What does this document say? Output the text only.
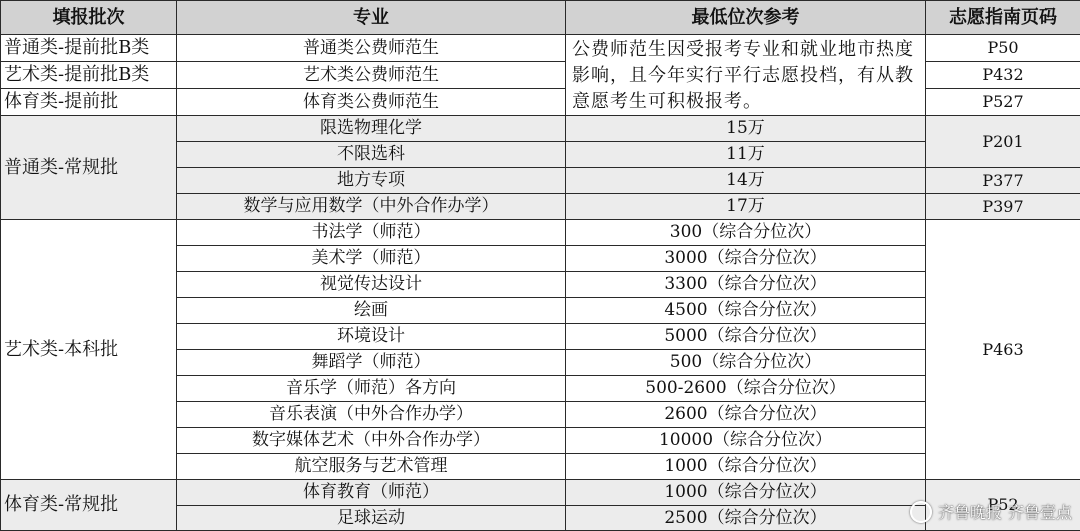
填报批次	专业	最低位次参考	志愿指南页码
普通类-提前批B类	普通类公费师范生	公费师范生因受报考专业和就业地市热度影响，且今年实行平行志愿投档，有从教意愿考生可积极报考。	P50
艺术类-提前批B类	艺术类公费师范生		P432
体育类-提前批	体育类公费师范生		P527
普通类-常规批	限选物理化学	15万	P201
	不限选科	11万	
	地方专项	14万	P377
	数学与应用数学（中外合作办学）	17万	P397
艺术类-本科批	书法学（师范）	300（综合分位次）	P463
	美术学（师范）	3000（综合分位次）	
	视觉传达设计	3300（综合分位次）	
	绘画	4500（综合分位次）	
	环境设计	5000（综合分位次）	
	舞蹈学（师范）	500（综合分位次）	
	音乐学（师范）各方向	500-2600（综合分位次）	
	音乐表演（中外合作办学）	2600（综合分位次）	
	数字媒体艺术（中外合作办学）	10000（综合分位次）	
	航空服务与艺术管理	1000（综合分位次）	
体育类-常规批	体育教育（师范）	1000（综合分位次）	P52
	足球运动	2500（综合分位次）		齐鲁晚报 齐鲁壹点
